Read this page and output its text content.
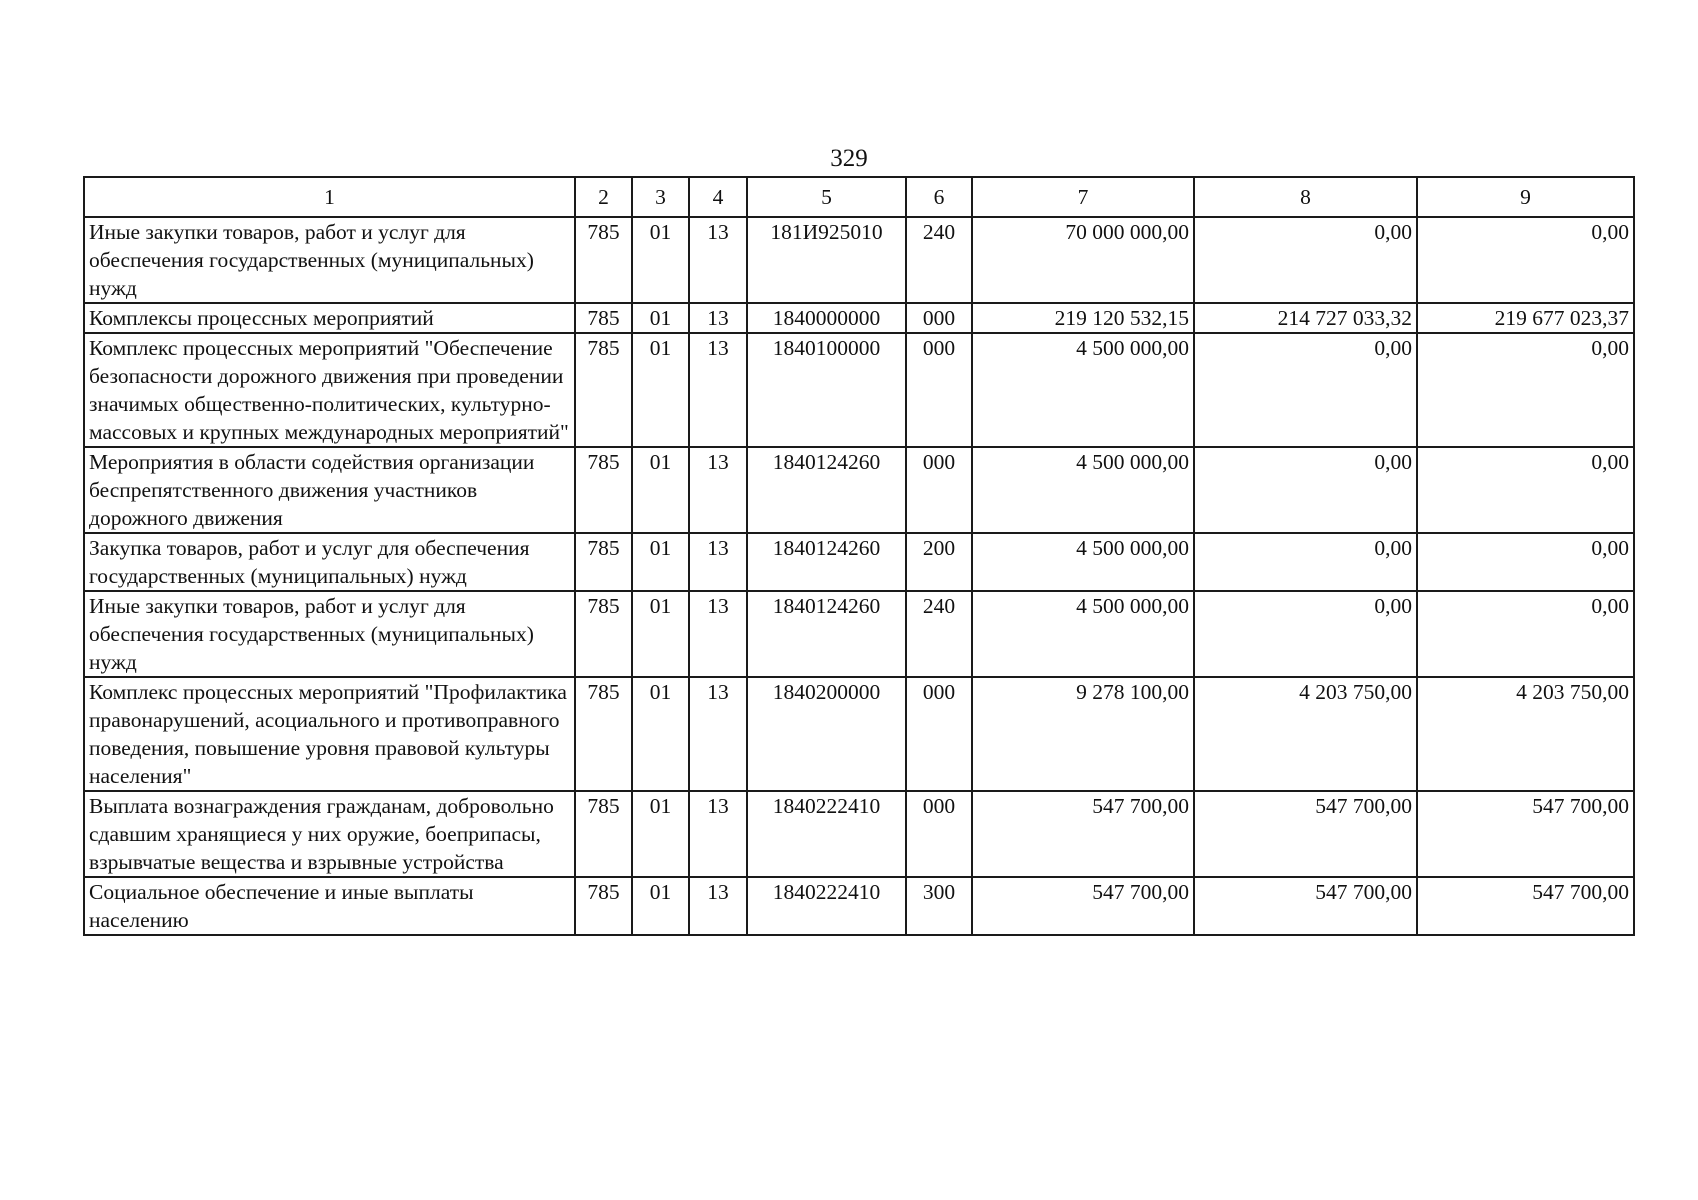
329
1	2	3	4	5	6	7	8	9
Иные закупки товаров, работ и услуг для обеспечения государственных (муниципальных) нужд	785	01	13	181И925010	240	70 000 000,00	0,00	0,00
Комплексы процессных мероприятий	785	01	13	1840000000	000	219 120 532,15	214 727 033,32	219 677 023,37
Комплекс процессных мероприятий "Обеспечение безопасности дорожного движения при проведении значимых общественно-политических, культурно-массовых и крупных международных мероприятий"	785	01	13	1840100000	000	4 500 000,00	0,00	0,00
Мероприятия в области содействия организации беспрепятственного движения участников дорожного движения	785	01	13	1840124260	000	4 500 000,00	0,00	0,00
Закупка товаров, работ и услуг для обеспечения государственных (муниципальных) нужд	785	01	13	1840124260	200	4 500 000,00	0,00	0,00
Иные закупки товаров, работ и услуг для обеспечения государственных (муниципальных) нужд	785	01	13	1840124260	240	4 500 000,00	0,00	0,00
Комплекс процессных мероприятий "Профилактика правонарушений, асоциального и противоправного поведения, повышение уровня правовой культуры населения"	785	01	13	1840200000	000	9 278 100,00	4 203 750,00	4 203 750,00
Выплата вознаграждения гражданам, добровольно сдавшим хранящиеся у них оружие, боеприпасы, взрывчатые вещества и взрывные устройства	785	01	13	1840222410	000	547 700,00	547 700,00	547 700,00
Социальное обеспечение и иные выплаты населению	785	01	13	1840222410	300	547 700,00	547 700,00	547 700,00
